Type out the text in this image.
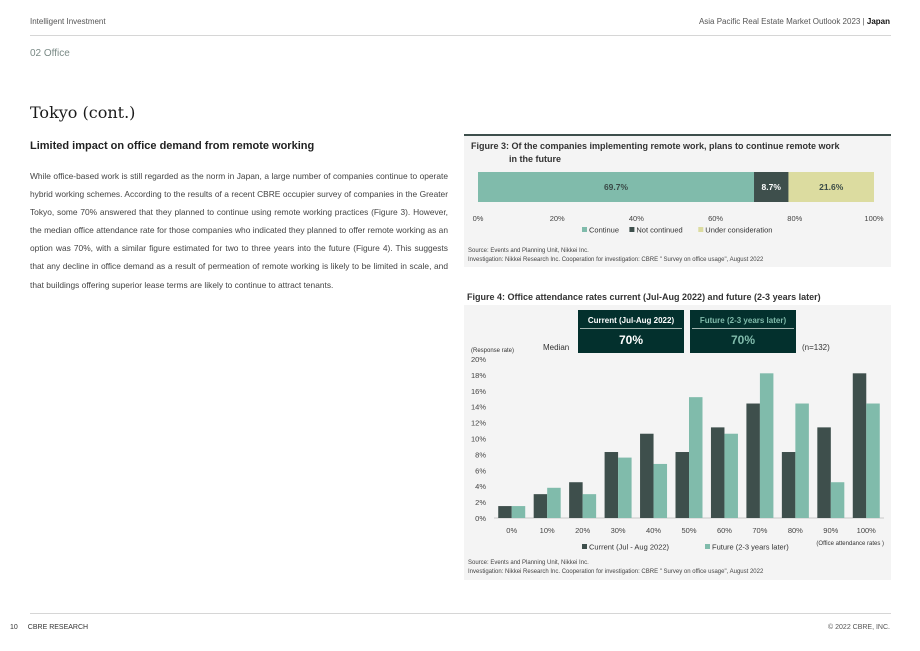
Intelligent Investment	Asia Pacific Real Estate Market Outlook 2023 | Japan
02 Office
Tokyo (cont.)
Limited impact on office demand from remote working
While office-based work is still regarded as the norm in Japan, a large number of companies continue to operate hybrid working schemes. According to the results of a recent CBRE occupier survey of companies in the Greater Tokyo, some 70% answered that they planned to continue using remote working practices (Figure 3). However, the median office attendance rate for those companies who indicated they planned to offer remote working as an option was 70%, with a similar figure estimated for two to three years into the future (Figure 4). This suggests that any decline in office demand as a result of permeation of remote working is likely to be limited in scale, and that buildings offering superior lease terms are likely to continue to attract tenants.
Figure 3: Of the companies implementing remote work, plans to continue remote work
in the future
69.7%	8.7%	21.6%
0%	20%	40%	60%	80%	100%
Continue Not continued	Under consideration
Source: Events and Planning Unit, Nikkei Inc.
Investigation: Nikkei Research Inc. Cooperation for investigation: CBRE " Survey on office usage", August 2022
Figure 4: Office attendance rates current (Jul-Aug 2022) and future (2-3 years later)
Median
Current (Jul-Aug 2022)
70%
Future (2-3 years later)
70%
(n=132)
(Response rate)
0%
2%
4%
6%
8%
10%
12%
14%
16%
18%
20%
0%	10%	20%	30%	40%	50%	60%	70%	80%	90% 100%
(Office attendance rates )
Current (Jul - Aug 2022)	Future (2-3 years later)
Source: Events and Planning Unit, Nikkei Inc.
Investigation: Nikkei Research Inc. Cooperation for investigation: CBRE " Survey on office usage", August 2022
10 CBRE RESEARCH	© 2022 CBRE, INC.
